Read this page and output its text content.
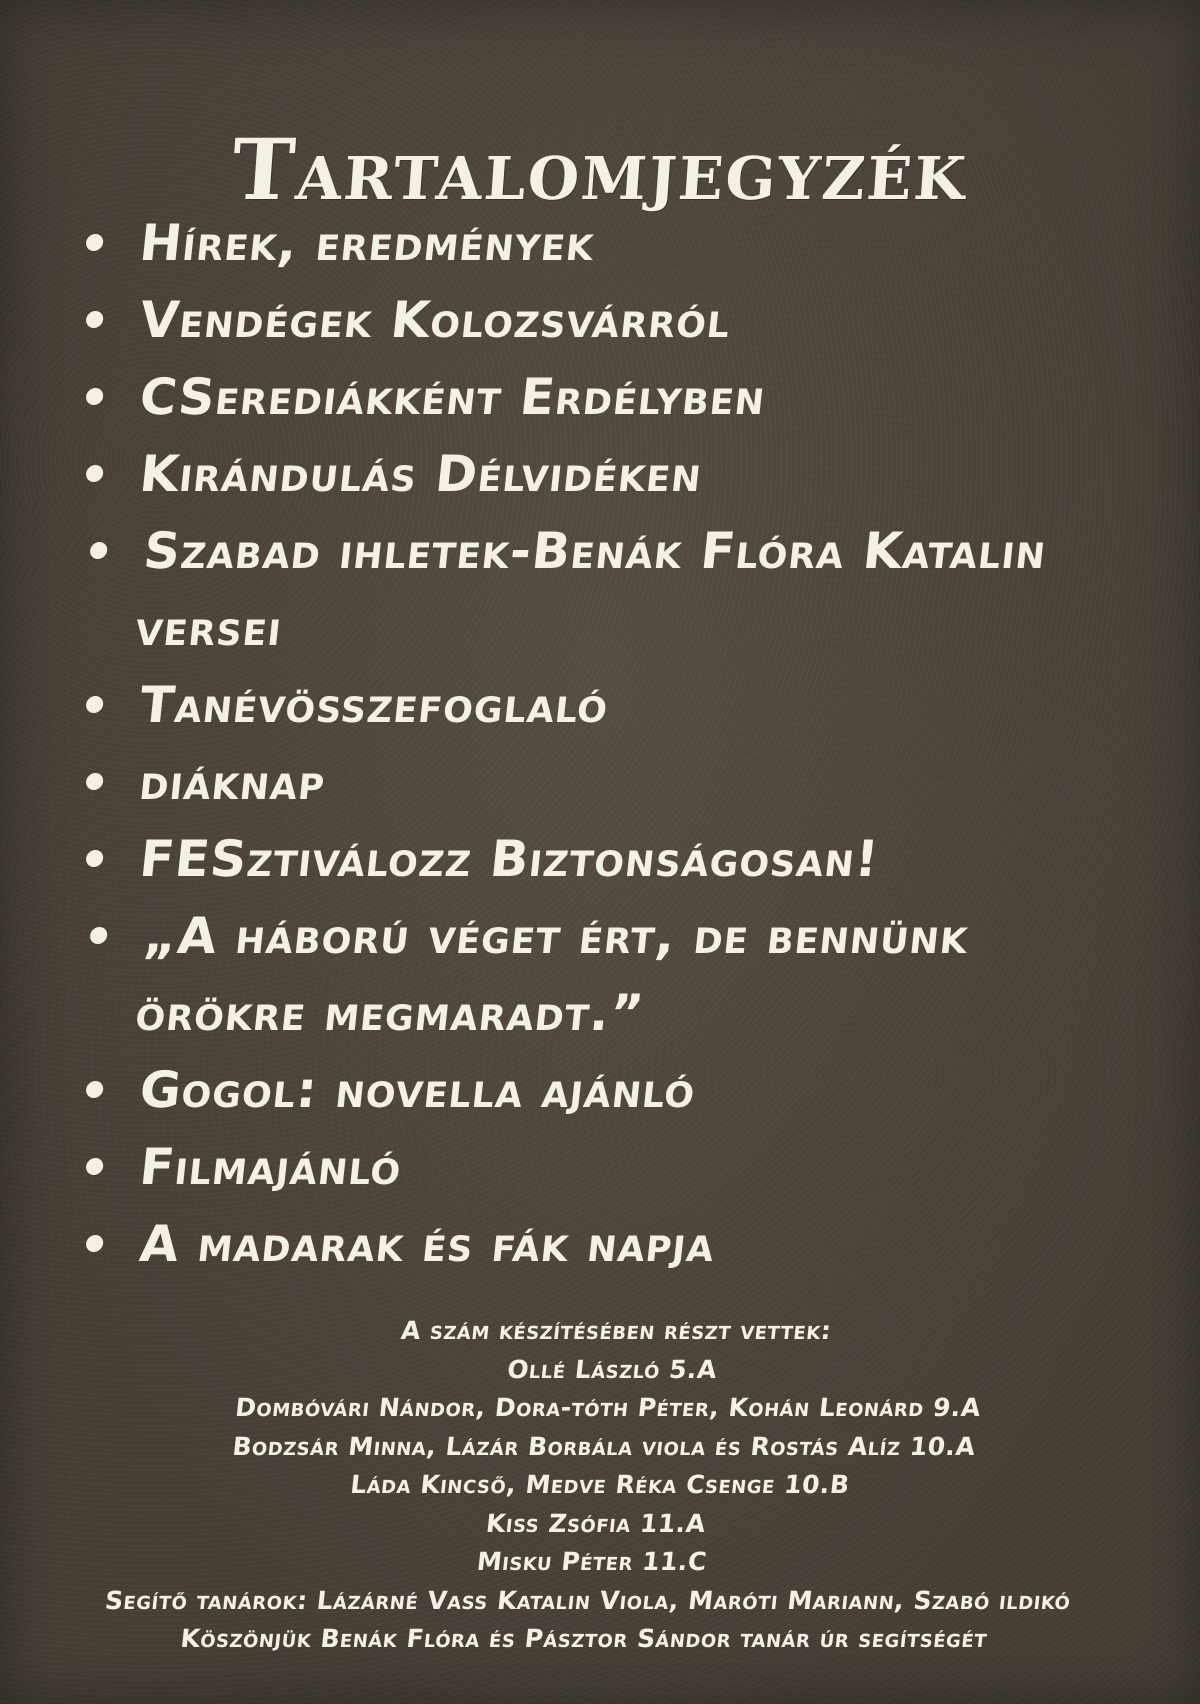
Tartalomjegyzék
Hírek, eredmények
Vendégek Kolozsvárról
CSerediákként Erdélyben
Kirándulás Délvidéken
Szabad ihletek-Benák Flóra Katalin versei
Tanévösszefoglaló
diáknap
FESztiválozz Biztonságosan!
„A háború véget ért, de bennünk örökre megmaradt.”
Gogol: novella ajánló
Filmajánló
A madarak és fák napja
A szám készítésében részt vettek:
Ollé László 5.A
Dombóvári Nándor, Dora-tóth Péter, Kohán Leonárd 9.A
Bodzsár Minna, Lázár Borbála viola és Rostás Alíz 10.A
Láda Kincső, Medve Réka Csenge 10.B
Kiss Zsófia 11.A
Misku Péter 11.C
Segítő tanárok: Lázárné Vass Katalin Viola, Maróti Mariann, Szabó ildikó
Köszönjük Benák Flóra és Pásztor Sándor tanár úr segítségét
